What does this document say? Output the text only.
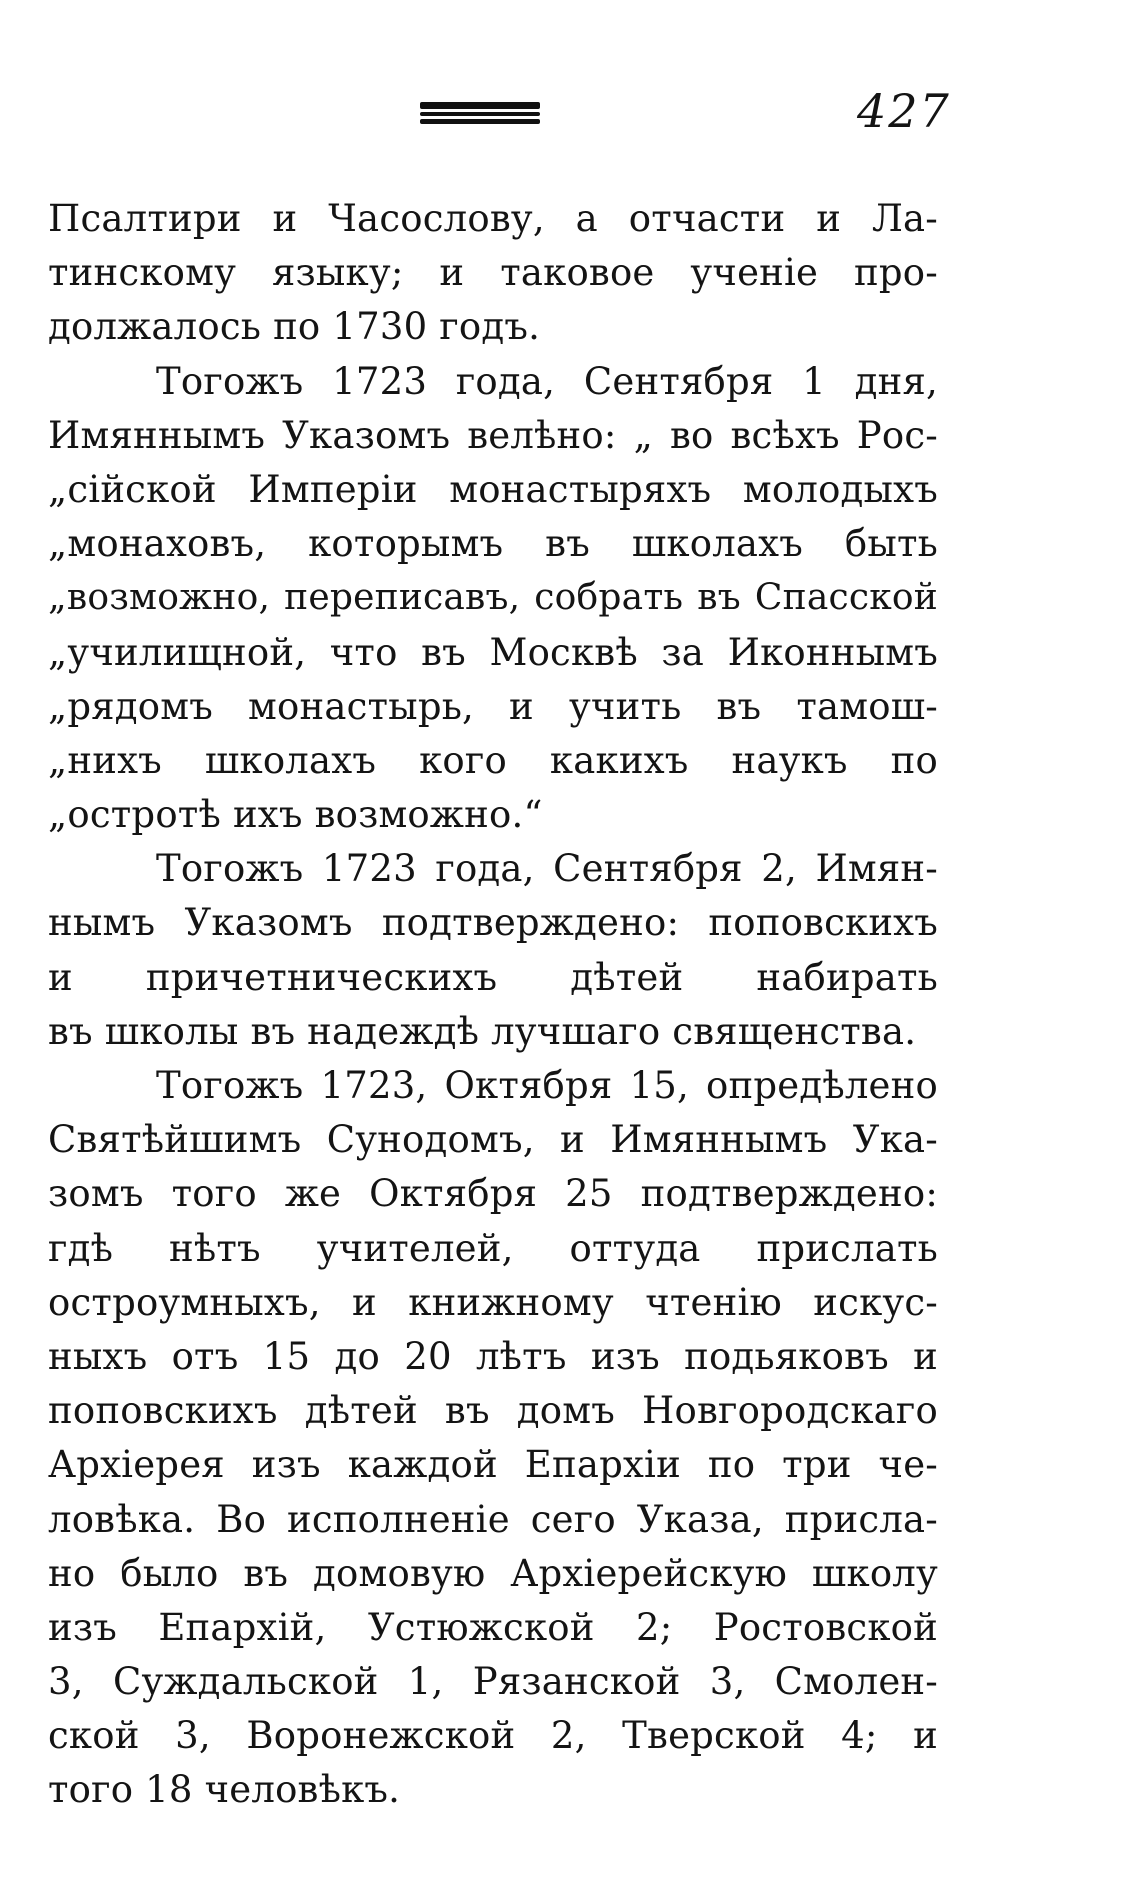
427
Псалтири и Часослову, а отчасти и Ла-
тинскому языку; и таковое ученіе про-
должалось по 1730 годъ.
Тогожъ 1723 года, Сентября 1 дня,
Имяннымъ Указомъ велѣно: „ во всѣхъ Рос-
„сiйской Имперiи монастыряхъ молодыхъ
„монаховъ, которымъ въ школахъ быть
„возможно, переписавъ, собрать въ Спасской
„училищной, что въ Москвѣ за Иконнымъ
„рядомъ монастырь, и учить въ тамош-
„нихъ школахъ кого какихъ наукъ по
„остротѣ ихъ возможно.“
Тогожъ 1723 года, Сентября 2, Имян-
нымъ Указомъ подтверждено: поповскихъ
и причетническихъ дѣтей набирать
въ школы въ надеждѣ лучшаго священства.
Тогожъ 1723, Октября 15, опредѣлено
Святѣйшимъ Сунодомъ, и Имяннымъ Ука-
зомъ того же Октября 25 подтверждено:
гдѣ нѣтъ учителей, оттуда прислать
остроумныхъ, и книжному чтенiю искус-
ныхъ отъ 15 до 20 лѣтъ изъ подьяковъ и
поповскихъ дѣтей въ домъ Новгородскаго
Архiерея изъ каждой Епархiи по три че-
ловѣка. Во исполненіе сего Указа, присла-
но было въ домовую Архiерейскую школу
изъ Епархiй, Устюжской 2; Ростовской
3, Суждальской 1, Рязанской 3, Смолен-
ской 3, Воронежской 2, Тверской 4; и
того 18 человѣкъ.
